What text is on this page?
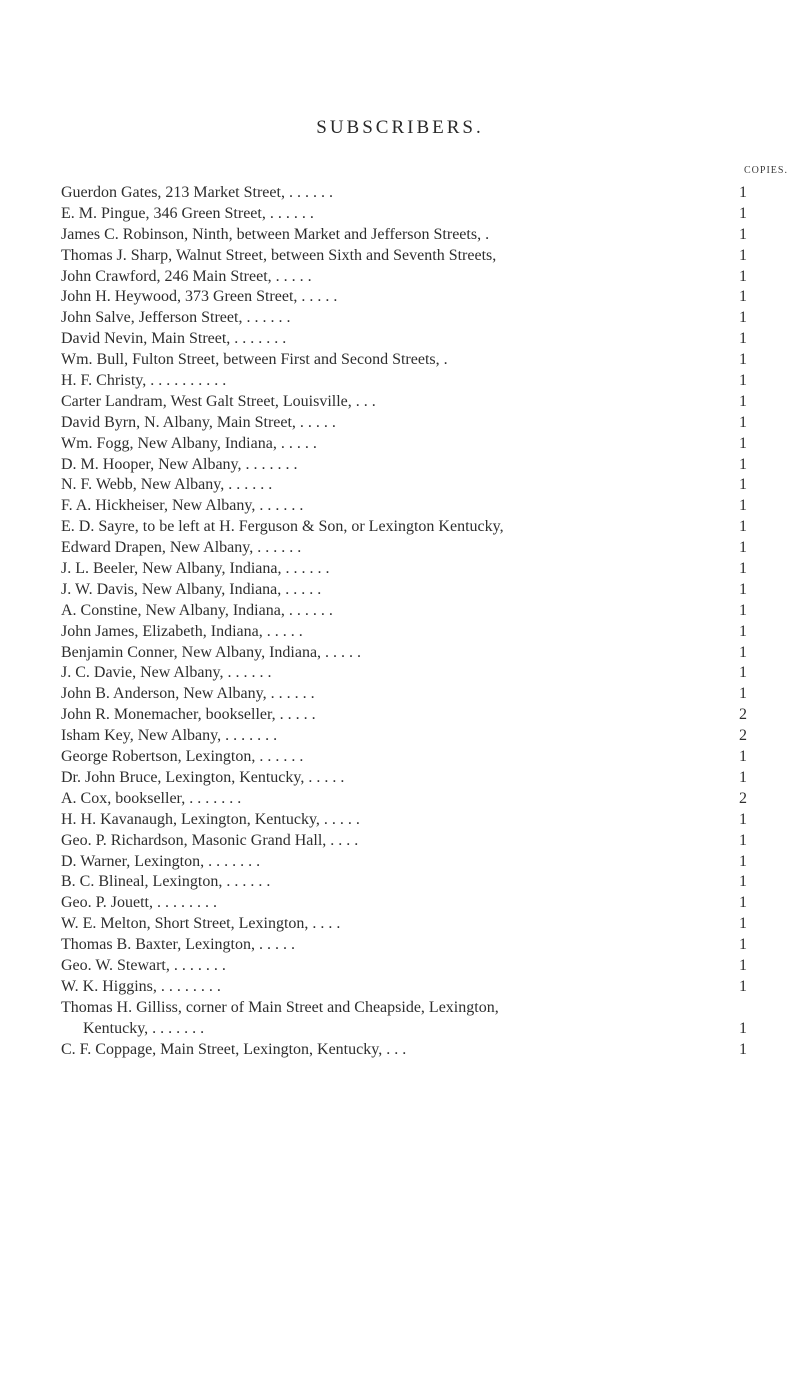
SUBSCRIBERS.
COPIES.
Guerdon Gates, 213 Market Street, . . . . . .	1
E. M. Pingue, 346 Green Street, . . . . . .	1
James C. Robinson, Ninth, between Market and Jefferson Streets, .	1
Thomas J. Sharp, Walnut Street, between Sixth and Seventh Streets,	1
John Crawford, 246 Main Street, . . . . .	1
John H. Heywood, 373 Green Street, . . . . .	1
John Salve, Jefferson Street, . . . . . .	1
David Nevin, Main Street, . . . . . . .	1
Wm. Bull, Fulton Street, between First and Second Streets, .	1
H. F. Christy, . . . . . . . . . .	1
Carter Landram, West Galt Street, Louisville, . . .	1
David Byrn, N. Albany, Main Street, . . . . .	1
Wm. Fogg, New Albany, Indiana, . . . . .	1
D. M. Hooper, New Albany, . . . . . . .	1
N. F. Webb, New Albany, . . . . . .	1
F. A. Hickheiser, New Albany, . . . . . .	1
E. D. Sayre, to be left at H. Ferguson & Son, or Lexington Kentucky,	1
Edward Drapen, New Albany, . . . . . .	1
J. L. Beeler, New Albany, Indiana, . . . . . .	1
J. W. Davis, New Albany, Indiana, . . . . .	1
A. Constine, New Albany, Indiana, . . . . . .	1
John James, Elizabeth, Indiana, . . . . .	1
Benjamin Conner, New Albany, Indiana, . . . . .	1
J. C. Davie, New Albany, . . . . . .	1
John B. Anderson, New Albany, . . . . . .	1
John R. Monemacher, bookseller, . . . . .	2
Isham Key, New Albany, . . . . . . .	2
George Robertson, Lexington, . . . . . .	1
Dr. John Bruce, Lexington, Kentucky, . . . . .	1
A. Cox, bookseller, . . . . . . .	2
H. H. Kavanaugh, Lexington, Kentucky, . . . . .	1
Geo. P. Richardson, Masonic Grand Hall, . . . .	1
D. Warner, Lexington, . . . . . . .	1
B. C. Blineal, Lexington, . . . . . .	1
Geo. P. Jouett, . . . . . . . .	1
W. E. Melton, Short Street, Lexington, . . . .	1
Thomas B. Baxter, Lexington, . . . . .	1
Geo. W. Stewart, . . . . . . .	1
W. K. Higgins, . . . . . . . .	1
Thomas H. Gilliss, corner of Main Street and Cheapside, Lexington,
Kentucky, . . . . . . .	1
C. F. Coppage, Main Street, Lexington, Kentucky, . . .	1
